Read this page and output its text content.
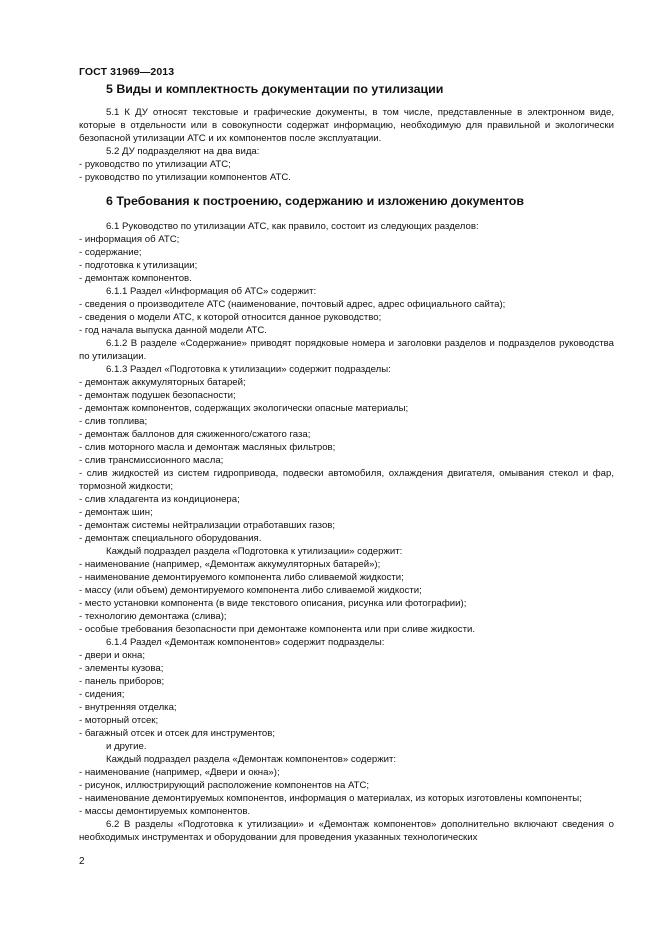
ГОСТ 31969—2013
5 Виды и комплектность документации по утилизации

5.1 К ДУ относят текстовые и графические документы, в том числе, представленные в электронном виде, которые в отдельности или в совокупности содержат информацию, необходимую для правильной и экологически безопасной утилизации АТС и их компонентов после эксплуатации.

5.2 ДУ подразделяют на два вида:

- руководство по утилизации АТС;

- руководство по утилизации компонентов АТС.

6 Требования к построению, содержанию и изложению документов

6.1 Руководство по утилизации АТС, как правило, состоит из следующих разделов:

- информация об АТС;

- содержание;

- подготовка к утилизации;

- демонтаж компонентов.

6.1.1 Раздел «Информация об АТС» содержит:

- сведения о производителе АТС (наименование, почтовый адрес, адрес официального сайта);

- сведения о модели АТС, к которой относится данное руководство;

- год начала выпуска данной модели АТС.

6.1.2 В разделе «Содержание» приводят порядковые номера и заголовки разделов и подразделов руководства по утилизации.

6.1.3 Раздел «Подготовка к утилизации» содержит подразделы:

- демонтаж аккумуляторных батарей;

- демонтаж подушек безопасности;

- демонтаж компонентов, содержащих экологически опасные материалы;

- слив топлива;

- демонтаж баллонов для сжиженного/сжатого газа;

- слив моторного масла и демонтаж масляных фильтров;

- слив трансмиссионного масла;

- слив жидкостей из систем гидропривода, подвески автомобиля, охлаждения двигателя, омывания стекол и фар, тормозной жидкости;

- слив хладагента из кондиционера;

- демонтаж шин;

- демонтаж системы нейтрализации отработавших газов;

- демонтаж специального оборудования.

Каждый подраздел раздела «Подготовка к утилизации» содержит:

- наименование (например, «Демонтаж аккумуляторных батарей»);

- наименование демонтируемого компонента либо сливаемой жидкости;

- массу (или объем) демонтируемого компонента либо сливаемой жидкости;

- место установки компонента (в виде текстового описания, рисунка или фотографии);

- технологию демонтажа (слива);

- особые требования безопасности при демонтаже компонента или при сливе жидкости.

6.1.4 Раздел «Демонтаж компонентов» содержит подразделы:

- двери и окна;

- элементы кузова;

- панель приборов;

- сидения;

- внутренняя отделка;

- моторный отсек;

- багажный отсек и отсек для инструментов;

и другие.

Каждый подраздел раздела «Демонтаж компонентов» содержит:

- наименование (например, «Двери и окна»);

- рисунок, иллюстрирующий расположение компонентов на АТС;

- наименование демонтируемых компонентов, информация о материалах, из которых изготовлены компоненты;

- массы демонтируемых компонентов.

6.2 В разделы «Подготовка к утилизации» и «Демонтаж компонентов» дополнительно включают сведения о необходимых инструментах и оборудовании для проведения указанных технологических

2
